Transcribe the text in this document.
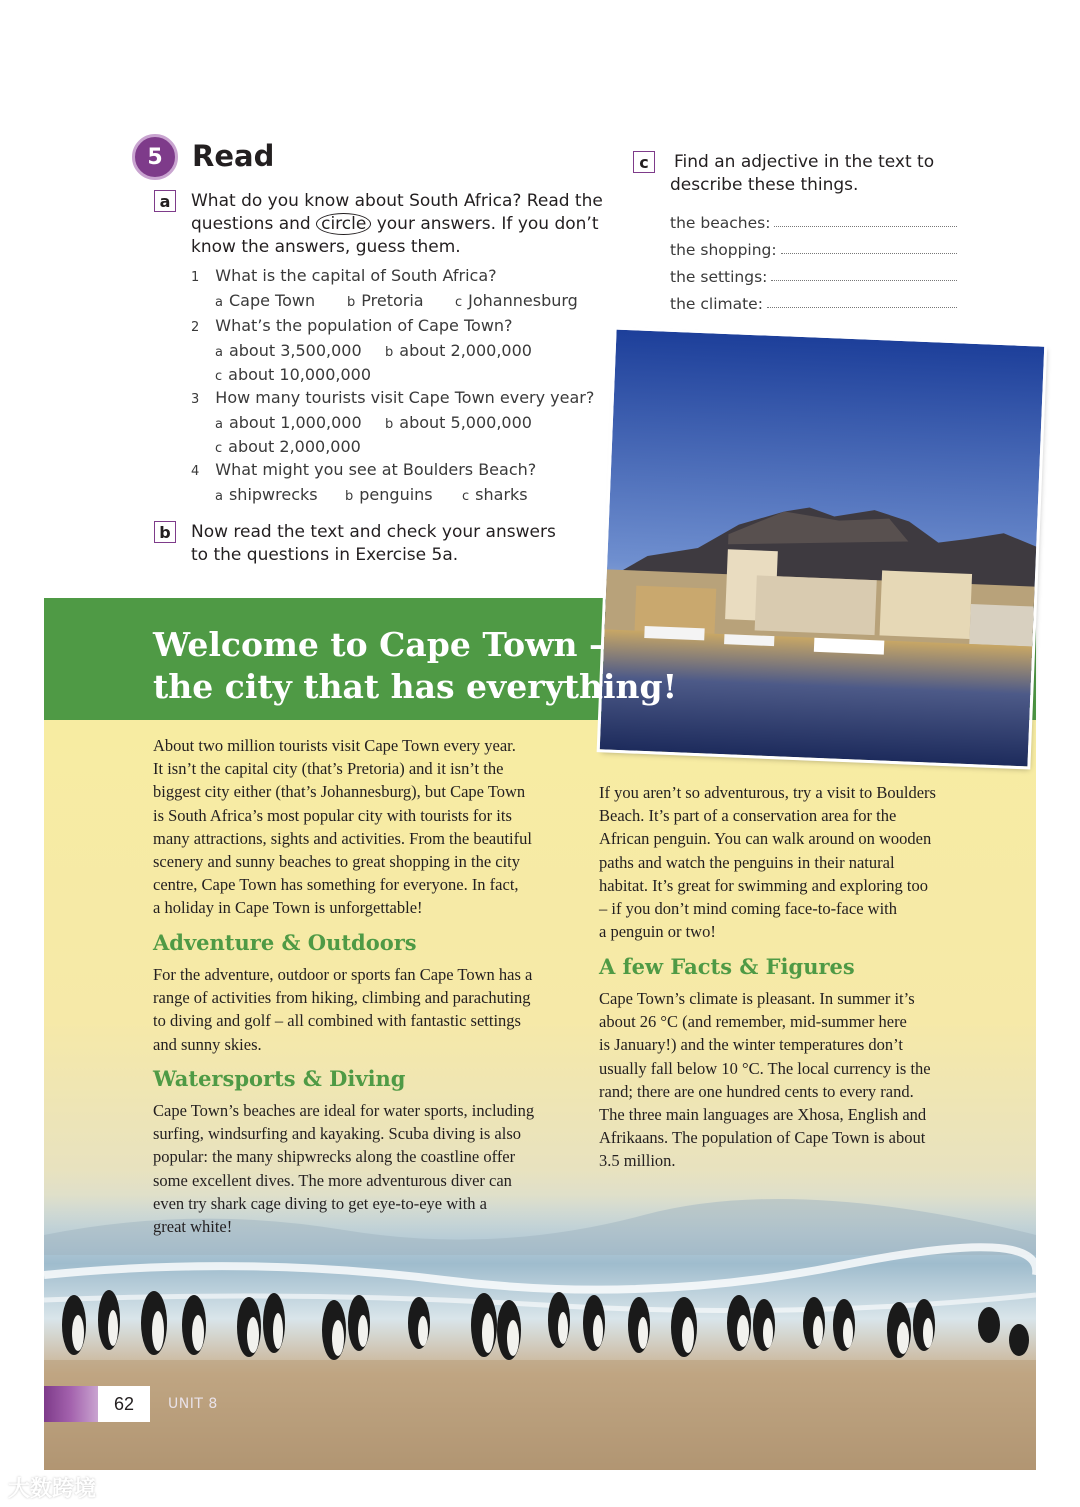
5 Read
a	What do you know about South Africa? Read the
questions and circle your answers. If you don’t
know the answers, guess them.
1 What is the capital of South Africa?
a Cape Town b Pretoria c Johannesburg
2 What’s the population of Cape Town?
a about 3,500,000 b about 2,000,000
c about 10,000,000
3 How many tourists visit Cape Town every year?
a about 1,000,000 b about 5,000,000
c about 2,000,000
4 What might you see at Boulders Beach?
a shipwrecks b penguins c sharks
b	Now read the text and check your answers
to the questions in Exercise 5a.
c	Find an adjective in the text to
describe these things.
the beaches:
the shopping:
the settings:
the climate:
Welcome to Cape Town –
the city that has everything!
About two million tourists visit Cape Town every year.
It isn’t the capital city (that’s Pretoria) and it isn’t the
biggest city either (that’s Johannesburg), but Cape Town
is South Africa’s most popular city with tourists for its
many attractions, sights and activities. From the beautiful
scenery and sunny beaches to great shopping in the city
centre, Cape Town has something for everyone. In fact,
a holiday in Cape Town is unforgettable!
Adventure & Outdoors
For the adventure, outdoor or sports fan Cape Town has a
range of activities from hiking, climbing and parachuting
to diving and golf – all combined with fantastic settings
and sunny skies.
Watersports & Diving
Cape Town’s beaches are ideal for water sports, including
surfing, windsurfing and kayaking. Scuba diving is also
popular: the many shipwrecks along the coastline offer
some excellent dives. The more adventurous diver can
even try shark cage diving to get eye-to-eye with a
great white!
If you aren’t so adventurous, try a visit to Boulders
Beach. It’s part of a conservation area for the
African penguin. You can walk around on wooden
paths and watch the penguins in their natural
habitat. It’s great for swimming and exploring too
– if you don’t mind coming face-to-face with
a penguin or two!
A few Facts & Figures
Cape Town’s climate is pleasant. In summer it’s
about 26 °C (and remember, mid-summer here
is January!) and the winter temperatures don’t
usually fall below 10 °C. The local currency is the
rand; there are one hundred cents to every rand.
The three main languages are Xhosa, English and
Afrikaans. The population of Cape Town is about
3.5 million.
62	UNIT 8
大数跨境
